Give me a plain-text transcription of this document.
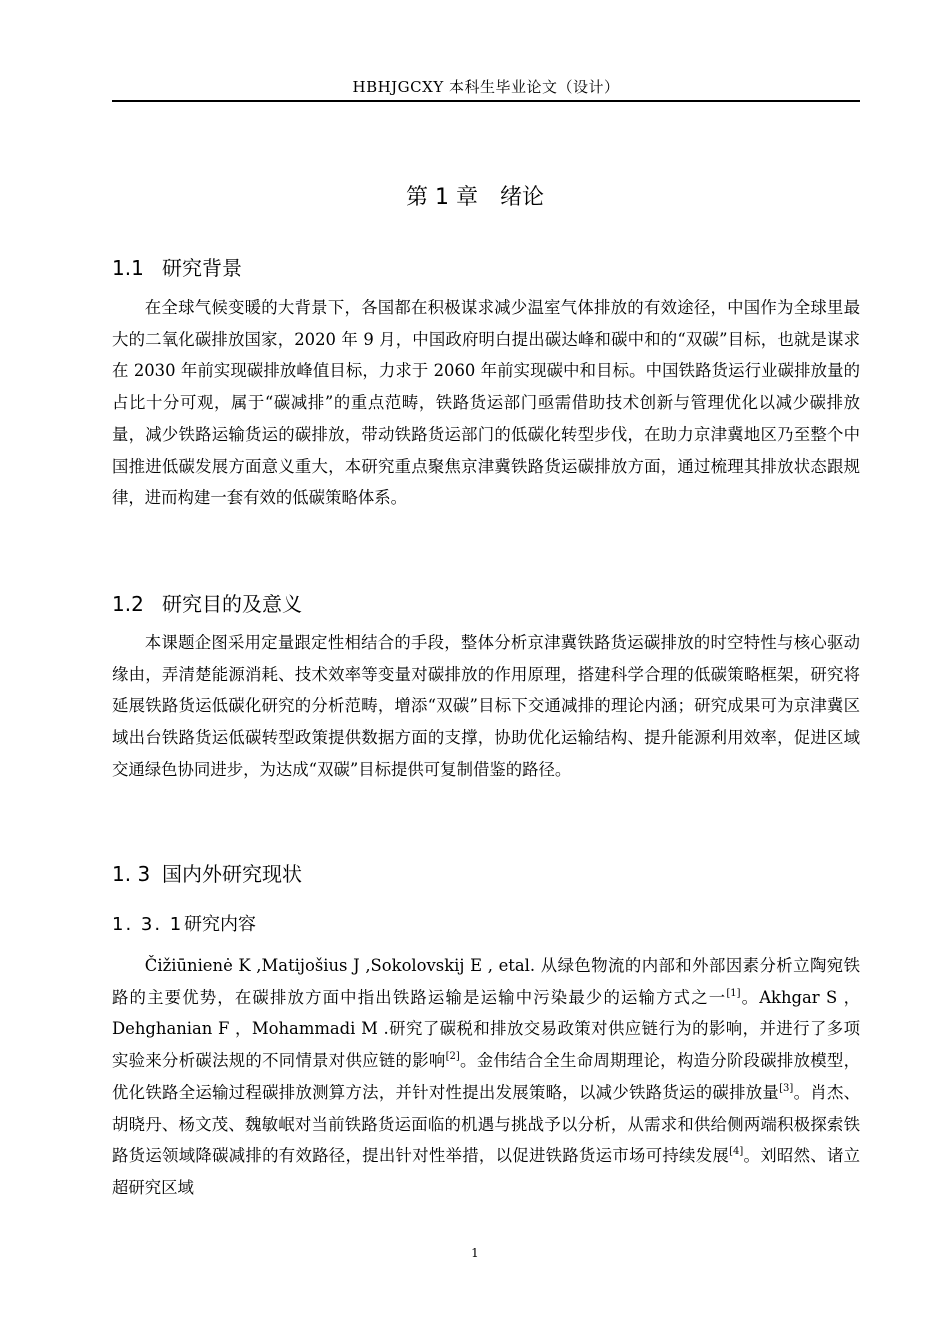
HBHJGCXY 本科生毕业论文（设计）
第 1 章　绪论
1.1 研究背景

在全球气候变暖的大背景下，各国都在积极谋求减少温室气体排放的有效途径，中国作为全球里最大的二氧化碳排放国家，2020 年 9 月，中国政府明白提出碳达峰和碳中和的“双碳”目标，也就是谋求在 2030 年前实现碳排放峰值目标，力求于 2060 年前实现碳中和目标。中国铁路货运行业碳排放量的占比十分可观，属于“碳减排”的重点范畴，铁路货运部门亟需借助技术创新与管理优化以减少碳排放量，减少铁路运输货运的碳排放，带动铁路货运部门的低碳化转型步伐，在助力京津冀地区乃至整个中国推进低碳发展方面意义重大，本研究重点聚焦京津冀铁路货运碳排放方面，通过梳理其排放状态跟规律，进而构建一套有效的低碳策略体系。

1.2 研究目的及意义

本课题企图采用定量跟定性相结合的手段，整体分析京津冀铁路货运碳排放的时空特性与核心驱动缘由，弄清楚能源消耗、技术效率等变量对碳排放的作用原理，搭建科学合理的低碳策略框架，研究将延展铁路货运低碳化研究的分析范畴，增添“双碳”目标下交通减排的理论内涵；研究成果可为京津冀区域出台铁路货运低碳转型政策提供数据方面的支撑，协助优化运输结构、提升能源利用效率，促进区域交通绿色协同进步，为达成“双碳”目标提供可复制借鉴的路径。

1. 3 国内外研究现状
1. 3. 1研究内容

Čižiūnienė K ,Matijošius J ,Sokolovskij E , etal. 从绿色物流的内部和外部因素分析立陶宛铁路的主要优势，在碳排放方面中指出铁路运输是运输中污染最少的运输方式之一[1]。Akhgar S ，Dehghanian F ，Mohammadi M .研究了碳税和排放交易政策对供应链行为的影响，并进行了多项实验来分析碳法规的不同情景对供应链的影响[2]。金伟结合全生命周期理论，构造分阶段碳排放模型，优化铁路全运输过程碳排放测算方法，并针对性提出发展策略，以减少铁路货运的碳排放量[3]。肖杰、胡晓丹、杨文茂、魏敏岷对当前铁路货运面临的机遇与挑战予以分析，从需求和供给侧两端积极探索铁路货运领域降碳减排的有效路径，提出针对性举措，以促进铁路货运市场可持续发展[4]。刘昭然、诸立超研究区域

1
